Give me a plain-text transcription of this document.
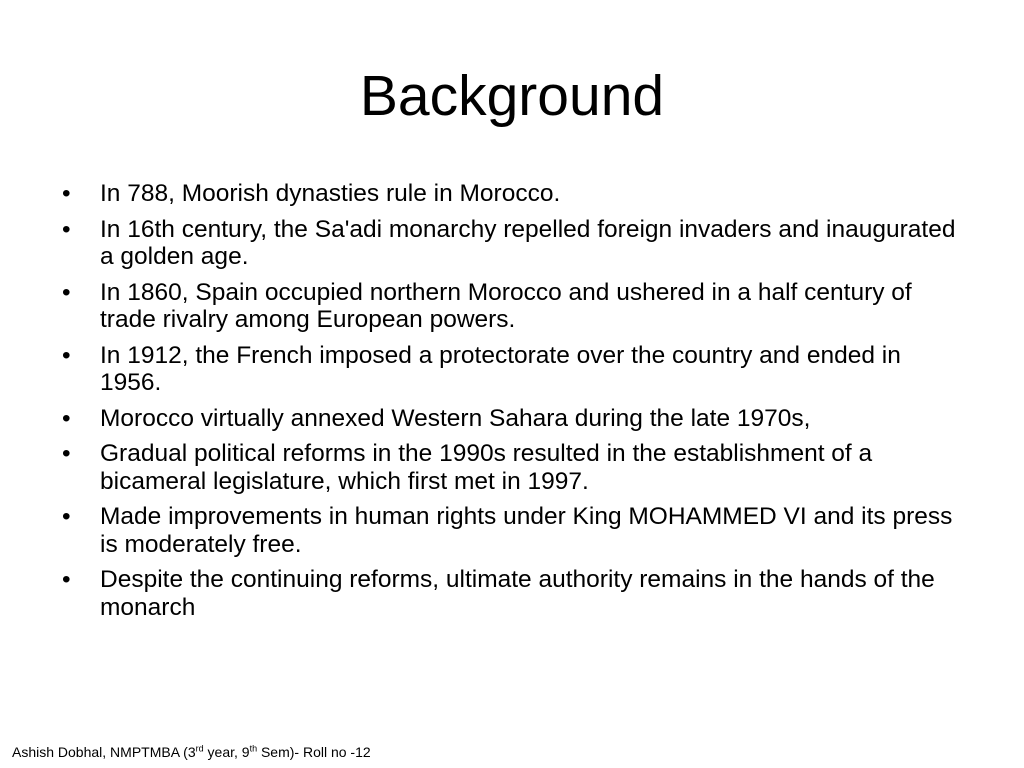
Background
• In 788, Moorish dynasties rule in Morocco.
• In 16th century, the Sa'adi monarchy repelled foreign invaders and inaugurated a golden age.
• In 1860, Spain occupied northern Morocco and ushered in a half century of trade rivalry among European powers.
• In 1912, the French imposed a protectorate over the country and ended in 1956.
• Morocco virtually annexed Western Sahara during the late 1970s,
• Gradual political reforms in the 1990s resulted in the establishment of a bicameral legislature, which first met in 1997.
• Made improvements in human rights under King MOHAMMED VI and its press is moderately free.
• Despite the continuing reforms, ultimate authority remains in the hands of the monarch
Ashish Dobhal, NMPTMBA (3rd year, 9th Sem)- Roll no -12
